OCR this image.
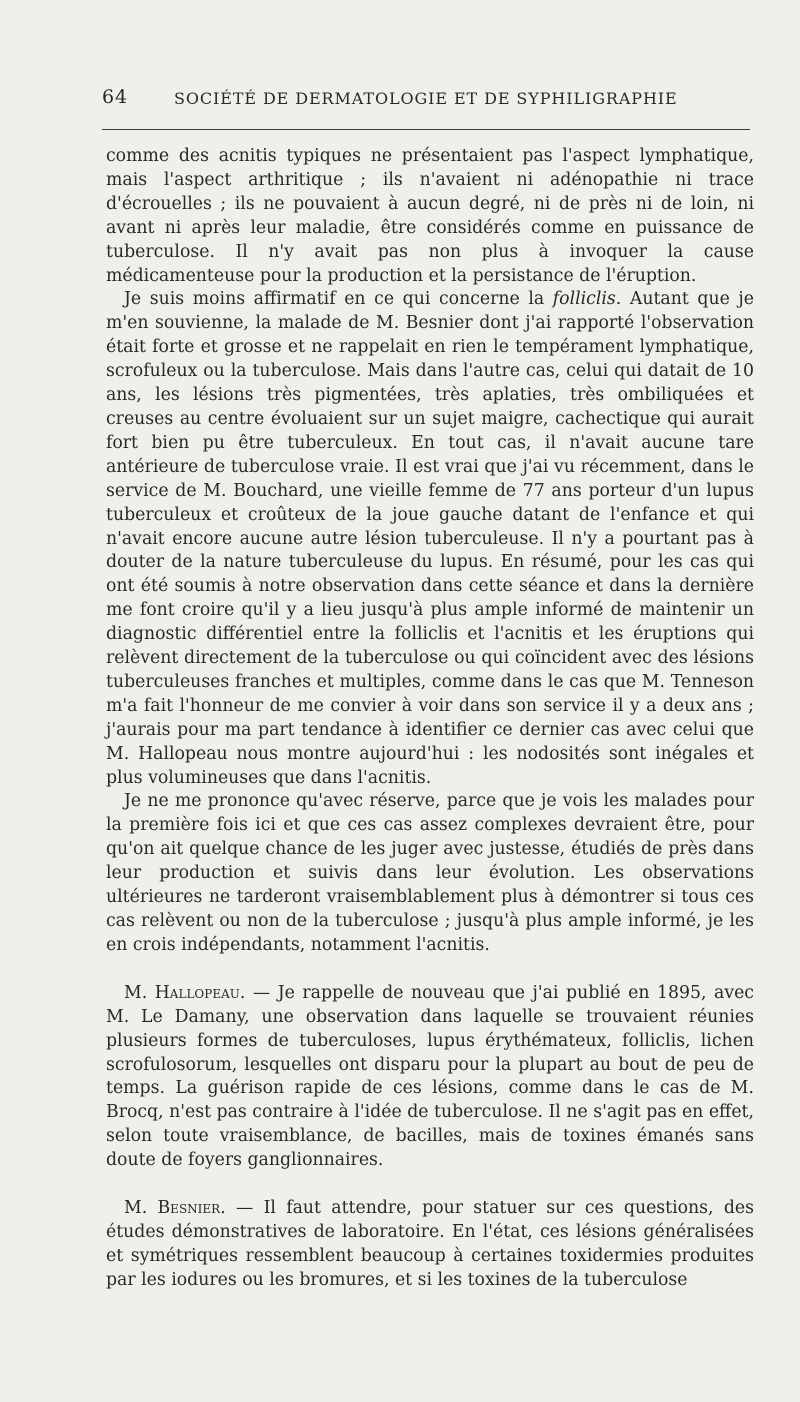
64	SOCIÉTÉ DE DERMATOLOGIE ET DE SYPHILIGRAPHIE

comme des acnitis typiques ne présentaient pas l'aspect lymphatique, mais l'aspect arthritique ; ils n'avaient ni adénopathie ni trace d'écrouelles ; ils ne pouvaient à aucun degré, ni de près ni de loin, ni avant ni après leur maladie, être considérés comme en puissance de tuberculose. Il n'y avait pas non plus à invoquer la cause médicamenteuse pour la production et la persistance de l'éruption.

Je suis moins affirmatif en ce qui concerne la folliclis. Autant que je m'en souvienne, la malade de M. Besnier dont j'ai rapporté l'observation était forte et grosse et ne rappelait en rien le tempérament lymphatique, scrofuleux ou la tuberculose. Mais dans l'autre cas, celui qui datait de 10 ans, les lésions très pigmentées, très aplaties, très ombiliquées et creuses au centre évoluaient sur un sujet maigre, cachectique qui aurait fort bien pu être tuberculeux. En tout cas, il n'avait aucune tare antérieure de tuberculose vraie. Il est vrai que j'ai vu récemment, dans le service de M. Bouchard, une vieille femme de 77 ans porteur d'un lupus tuberculeux et croûteux de la joue gauche datant de l'enfance et qui n'avait encore aucune autre lésion tuberculeuse. Il n'y a pourtant pas à douter de la nature tuberculeuse du lupus. En résumé, pour les cas qui ont été soumis à notre observation dans cette séance et dans la dernière me font croire qu'il y a lieu jusqu'à plus ample informé de maintenir un diagnostic différentiel entre la folliclis et l'acnitis et les éruptions qui relèvent directement de la tuberculose ou qui coïncident avec des lésions tuberculeuses franches et multiples, comme dans le cas que M. Tenneson m'a fait l'honneur de me convier à voir dans son service il y a deux ans ; j'aurais pour ma part tendance à identifier ce dernier cas avec celui que M. Hallopeau nous montre aujourd'hui : les nodosités sont inégales et plus volumineuses que dans l'acnitis.

Je ne me prononce qu'avec réserve, parce que je vois les malades pour la première fois ici et que ces cas assez complexes devraient être, pour qu'on ait quelque chance de les juger avec justesse, étudiés de près dans leur production et suivis dans leur évolution. Les observations ultérieures ne tarderont vraisemblablement plus à démontrer si tous ces cas relèvent ou non de la tuberculose ; jusqu'à plus ample informé, je les en crois indépendants, notamment l'acnitis.

M. Hallopeau. — Je rappelle de nouveau que j'ai publié en 1895, avec M. Le Damany, une observation dans laquelle se trouvaient réunies plusieurs formes de tuberculoses, lupus érythémateux, folliclis, lichen scrofulosorum, lesquelles ont disparu pour la plupart au bout de peu de temps. La guérison rapide de ces lésions, comme dans le cas de M. Brocq, n'est pas contraire à l'idée de tuberculose. Il ne s'agit pas en effet, selon toute vraisemblance, de bacilles, mais de toxines émanés sans doute de foyers ganglionnaires.

M. Besnier. — Il faut attendre, pour statuer sur ces questions, des études démonstratives de laboratoire. En l'état, ces lésions généralisées et symétriques ressemblent beaucoup à certaines toxidermies produites par les iodures ou les bromures, et si les toxines de la tuberculose
